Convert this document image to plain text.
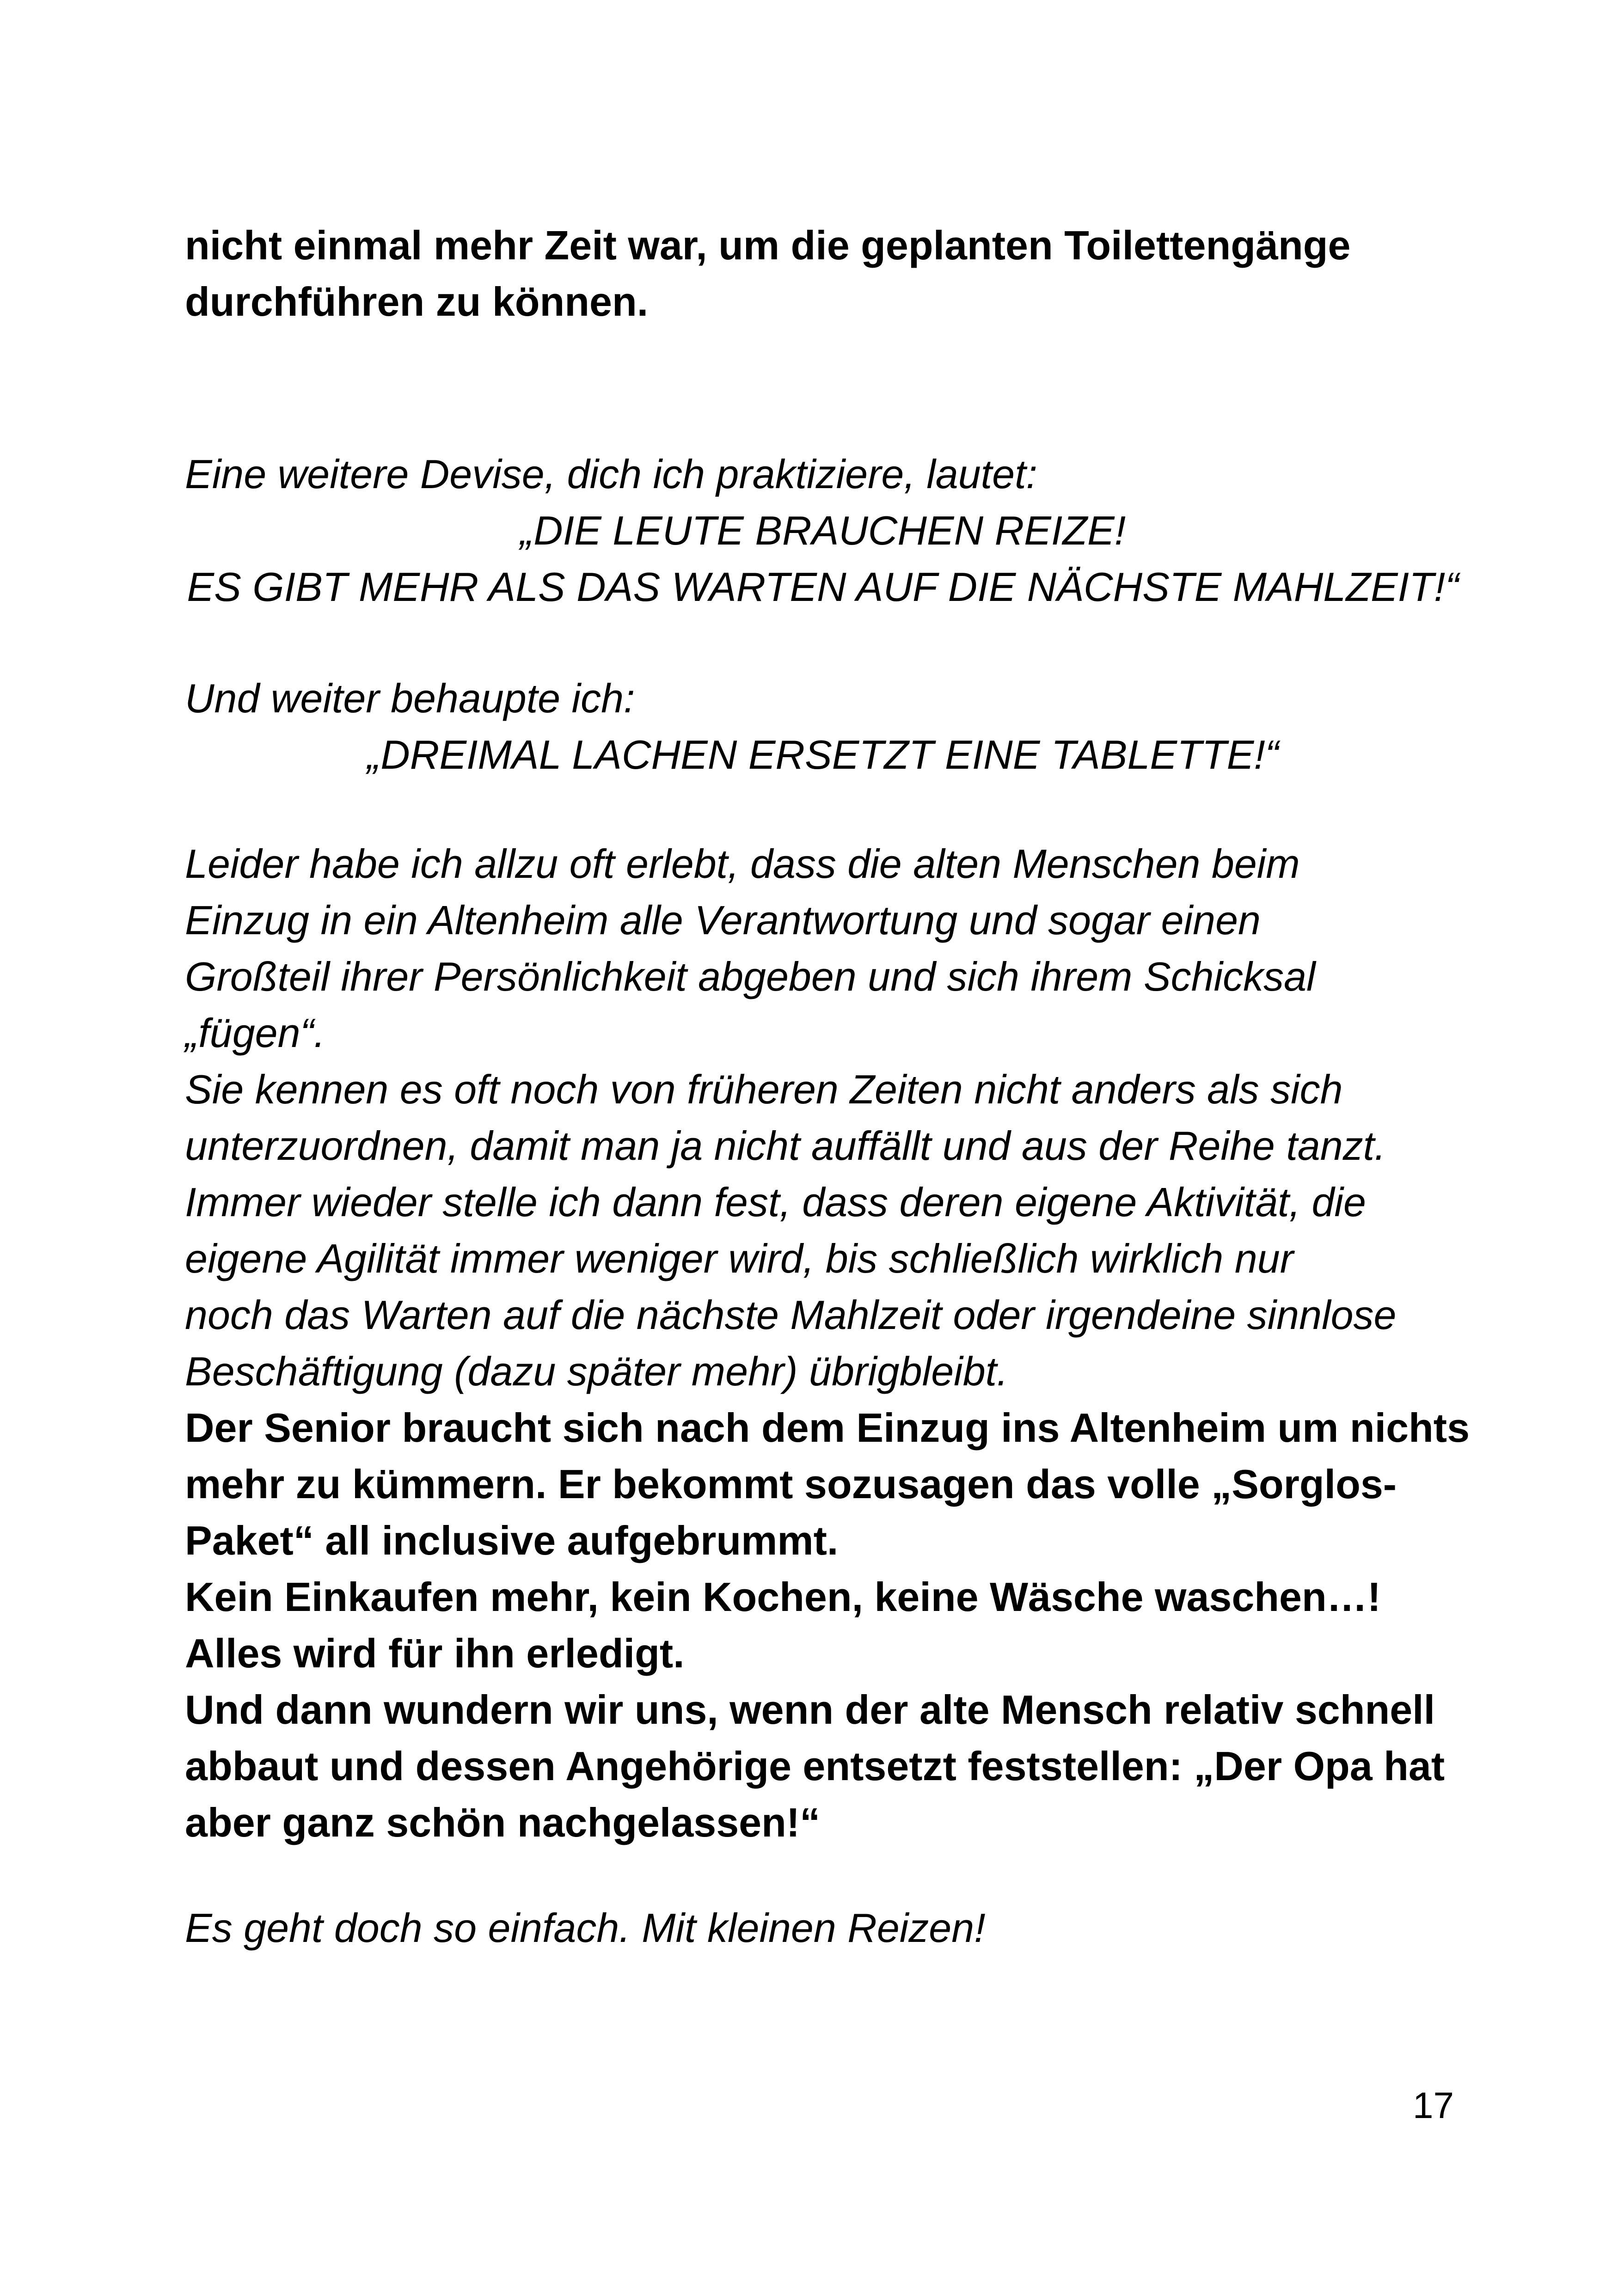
nicht einmal mehr Zeit war, um die geplanten Toilettengänge
durchführen zu können.

Eine weitere Devise, dich ich praktiziere, lautet:

„DIE LEUTE BRAUCHEN REIZE!
ES GIBT MEHR ALS DAS WARTEN AUF DIE NÄCHSTE MAHLZEIT!“

Und weiter behaupte ich:

„DREIMAL LACHEN ERSETZT EINE TABLETTE!“

Leider habe ich allzu oft erlebt, dass die alten Menschen beim
Einzug in ein Altenheim alle Verantwortung und sogar einen
Großteil ihrer Persönlichkeit abgeben und sich ihrem Schicksal
„fügen“.
Sie kennen es oft noch von früheren Zeiten nicht anders als sich
unterzuordnen, damit man ja nicht auffällt und aus der Reihe tanzt.
Immer wieder stelle ich dann fest, dass deren eigene Aktivität, die
eigene Agilität immer weniger wird, bis schließlich wirklich nur
noch das Warten auf die nächste Mahlzeit oder irgendeine sinnlose
Beschäftigung (dazu später mehr) übrigbleibt.

Der Senior braucht sich nach dem Einzug ins Altenheim um nichts
mehr zu kümmern. Er bekommt sozusagen das volle „Sorglos-
Paket“ all inclusive aufgebrummt.
Kein Einkaufen mehr, kein Kochen, keine Wäsche waschen…!
Alles wird für ihn erledigt.
Und dann wundern wir uns, wenn der alte Mensch relativ schnell
abbaut und dessen Angehörige entsetzt feststellen: „Der Opa hat
aber ganz schön nachgelassen!“

Es geht doch so einfach. Mit kleinen Reizen!

17
